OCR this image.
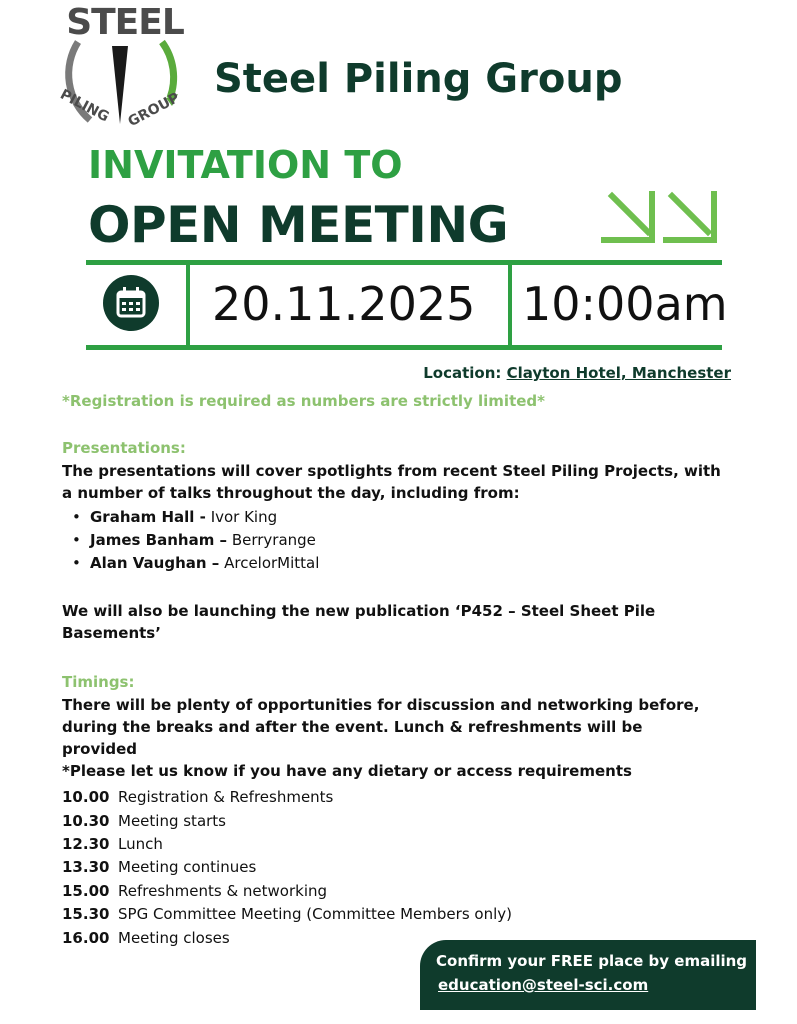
STEEL
PILING GROUP
Steel Piling Group
INVITATION TO
OPEN MEETING
20.11.2025 10:00am
Location: Clayton Hotel, Manchester
*Registration is required as numbers are strictly limited*
Presentations:
The presentations will cover spotlights from recent Steel Piling Projects, with
a number of talks throughout the day, including from:
• Graham Hall - Ivor King
• James Banham – Berryrange
• Alan Vaughan – ArcelorMittal
We will also be launching the new publication ‘P452 – Steel Sheet Pile
Basements’
Timings:
There will be plenty of opportunities for discussion and networking before,
during the breaks and after the event. Lunch & refreshments will be
provided
*Please let us know if you have any dietary or access requirements
10.00 Registration & Refreshments
10.30 Meeting starts
12.30 Lunch
13.30 Meeting continues
15.00 Refreshments & networking
15.30 SPG Committee Meeting (Committee Members only)
16.00 Meeting closes
Confirm your FREE place by emailing
education@steel-sci.com
